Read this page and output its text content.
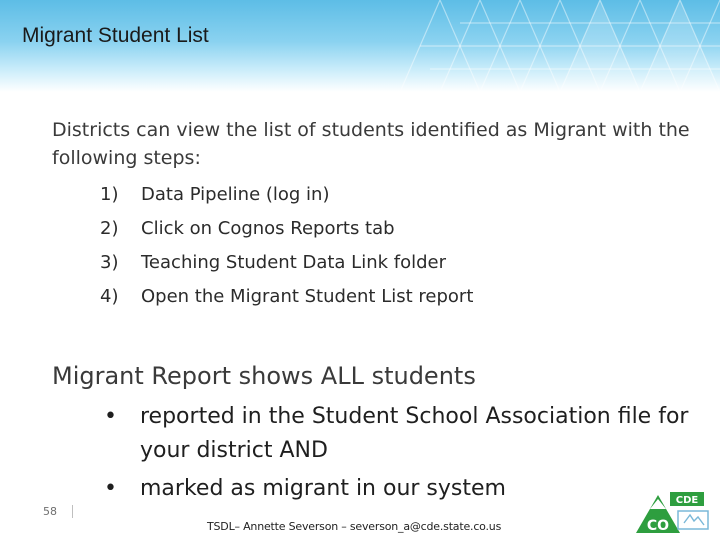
Migrant Student List
Districts can view the list of students identified as Migrant with the following steps:
1) Data Pipeline (log in)
2) Click on Cognos Reports tab
3) Teaching Student Data Link folder
4) Open the Migrant Student List report
Migrant Report shows ALL students
•	reported in the Student School Association file for your district AND
•	marked as migrant in our system
58
TSDL– Annette Severson – severson_a@cde.state.co.us	CO
CDE
